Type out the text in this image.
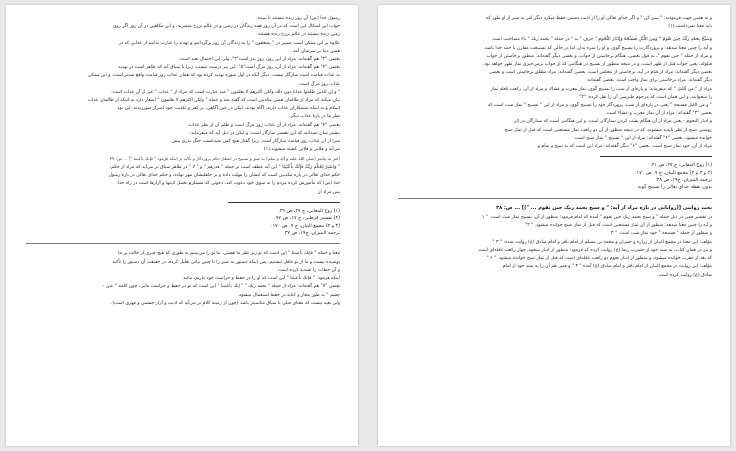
و به همین جهت فرمودند: " سیر کن " و اگر خدای تعالی او را از اذیت دشمن حفظ میکرد دیگر امر به سیر از او طور که
باید معنا نمی‌داشت.(۱)
وَسَبِّحْ بِحَمْدِ رَبِّكَ حِينَ تَقُومُ * وَمِنَ اللَّيْلِ فَسَبِّحْهُ وَإِدْبَارَ النُّجُومِ " حرف " بد " در جمله " بحمد ربك " باء مصاحبت است
و آیه را چنین معنا میدهد: و پروردگارت را تسبیح گوی، و او را منزه بدار، اما در حالی که تسبیحت مقارن با حمد خدا باشد.
و مراد از جمله " حین تقوم "، به قول بعضی، هنگام برخاستن از خواب، و بعضی دیگر گفته‌اند: منظور برخاستن از خواب
قیلوله، یعنی خواب قبل از ظهر است، و در نتیجه منظور از تسبیح در هنگامی که از خواب برمی‌خیزی نماز ظهر خواهد بود.
بعضی دیگر گفته‌اند: مراد از قیام در آیه، برخاستن از مجلس است. بعضی گفته‌اند: مراد مطلق برخاستن است و بعضی
دیگر گفته‌اند: مراد برخاستن برای نماز واجب است. بعضی گفته‌اند:
مراد از " من اللیل " که میفرماید: و پاره‌ای از شب را تسبیح گوی، نماز مغرب و عشاء، و مراد از آن، رکعت نافله نماز
را میخوانند، و این همان است که مرحوم طبرسی آن را نقل کرده. "۲"
" و من اللیل فسبحه " یعنی در پاره‌ای از شب، پروردگار خود را تسبیح گوی، و مراد از این " تسبیح " نماز شب است که
بعضی "۳" گفته‌اند: مراد از آن نماز مغرب و عشاء است.
و ادبار النجوم - یعنی مراد از آن هنگام پشت کردن ستارگان است، و این هنگامی است که ستارگان در اثر
روشنی صبح از نظر ناپدید میشوند، که در نتیجه منظور از آن دو رکعت نماز مستحبی است که قبل از نماز صبح
خوانده میشود. بعضی "۴" گفته‌اند: مراد از این " تسبیح " نماز صبح است.
مراد از آن، خود نماز صبح است. بعضی "۶" دیگر گفته‌اند: مراد این است که به سبح و شام و
(۱) روح المعانی، ج ۲۷، ص ۴۱.
(۲ و ۳ و ۴) مجمع البیان، ج ۹، ص ۱۷۰.
ترجمه المیزان، ج۱۹، ص ۳۸
بدون نقطه خدای تعالی را تسبیح گوید.
بحث روایتی [(روایاتی در باره مراد از آیه: " و سبح بحمد ربک حین تقوم ... ")] ... ص: ۳۸
در تفسیر قمی در ذیل جمله " و سبح بحمد ربک حین تقوم " آمده که امام فرمود: منظور از آن، تسبیح نماز شب است. " ۱
و آیه را چنین معنا میدهد: منظور از آن نماز مستحبی است که قبل از نماز صبح خوانده میشود. " ۲"
و منظور از جمله " فسبحه " خود نماز شب است. " ۳
مؤلف: این معنا در مجمع البیان از زراره و حمران و محمد بن مسلم از امام باقر و امام صادق (ع) روایت شده. " ۳ "
و نیز در همان کتاب، به سند خود از حضرت رضا (ع) روایت کرده که فرمود: منظور از ادبار سجود، چهار رکعت نافله‌ای است
که بعد از مغرب خوانده میشود، و منظور از ادبار نجوم دو رکعت نافله‌ای است که قبل از نماز صبح خوانده میشود. " ۶ "
مؤلف: این روایت در مجمع البیان از امام باقر و امام صادق (ع) آمده " ۳ " و قمی هم آن را به سند خود از امام
صادق (ع) روایت کرده است.
رسول خدا (ص) آن روز زنده نیستند تا ببینند.
جواب این اشکال این است که در آن روز همه زندگان در زمین و در عالم برزخ میمیرند، و این مکلفین در آن روز اگر روی
زمین زنده نیستند در عالم برزخ زنده هستند.
علاوه بر این ممکن است ضمیر در " یصعقون " را به زندگان آن روز برگردانیم و تهدید را عبارت بدانیم از عذابی که در
همین دنیا بر سرشان آمد.
بعضی "۲" هم گفته‌اند: مراد از این روز، روز بدر است"۳"، ولی این احتمال بعید است.
بعضی "۴" هم گفته‌اند: مراد از آن، روز مرگ است"۵". این نیز درست نیست، زیرا با سیاق آیه که ظاهر است در تهدید
به عذاب قیامت است سازگار نیست. دیگر آنکه در اول سوره تهدید کرده بود که همان عذاب روز قیامت واقع شدنی‌است، و این ممکن
عذاب روز مرگ است.
" و إن للذين ظلموا عذابا دون ذلك ولكن أكثرهم لا يعلمون " مید عبارت است که مراد از " عذاب " غیر از آن عذاب است.
بیان میکند که مراد از ظالمان همین مکذبین است که گفته شد و جمله " ولکن اکثرهم لا یعلمون " اشعار دارد به اینکه از ظالمان عذاب
اسلام و به اینکه ستمکاران عذاب دارند، آگاه بودند، لیکن در عین آگاهی، بر کفر و تکذیب خود اصرار میورزیدند. این بود
نظر ما در بارهٔ عذاب دیگر.
بعضی "۴" هم گفته‌اند: مراد از آن عذاب روز مرگ است و ظلم آن از نظر عذاب.
بیشتر شان نمیدانند که این تفسیر سازگار است، و لیکن در ذیل آیه که میفرماید:
میرا از آن عذاب روز قیامت سازگار است. زیرا گفتار هیچ کس نمیدانست جنگ بدری پیش
می‌آید و فلانی و فلانی کشته میشوند.(۱)
[امر به پیامبر (صلی الله علیه و آله و سلم) به صبر و تسبیح در انتظار حکم پروردگار و تأکید بر اینکه فرمود " فإنك بأعيننا "] ... ص: ۳۷
" وَاصْبِرْ لِحُكْمِ رَبِّكَ فَإِنَّكَ بِأَعْيُنِنَا " این آیه عطف است بر جمله " فذرهم " و " لا " در ظاهر سیاق بر می‌آید که مراد از حکم،
حکم خدای تعالی در باره مکذبین است که ایشان را مهلت داده و بر جاهلیشان مهر نهاده، و حکم خدای تعالی در باره رسول
خدا (ص) که مأمورش کرده مردم را به سوی خود دعوت کند، دعوتی که مستلزم تحمل اذیتها و آزارها است در راه خدا.
پس مراد از
(۱) روح المعانی، ج ۲۷، ص ۳۹.
(۲) تفسیر قرطبی، ج ۱۷، ص ۷۷.
(۳ و ۴) مجمع البیان، ج ۹، ص ۱۷۰.
ترجمه المیزان، ج۱۹، ص ۳۷
معنا و جمله " فإنك بأعيننا " این است که تو زیر نظر ما هستی، ما تو را می‌بینیم به طوری که هیچ چیزی از حالت بر ما
پوشیده نیست و ما از تو غافل نیستیم. پس اینکه دستور به صبر را با چنین بیانی تعلیل کرده، در حقیقت آن دستور را تأکید
و آن خطاب را تشدید کرده است.
اینکه فرمود: " فإنك بأعيننا " این است که او را در حفظ و حراست خود داریم، مانند
بعضی "۷" هم گفته‌اند: مراد از جمله " بحمد ربك " " إنك بأعيننا " این است که تو در حفظ و حراست مایی، چون کلمه " عین -
چشم " به طور مجاز و کنایه در حفظ استعمال میشود.
ولی بعید نیست که معنای قبلی با سیاق مناسبتر باشد (چون از زمینه کلام بر می‌آید که اذیت و آزار جسمی و فهری است).
